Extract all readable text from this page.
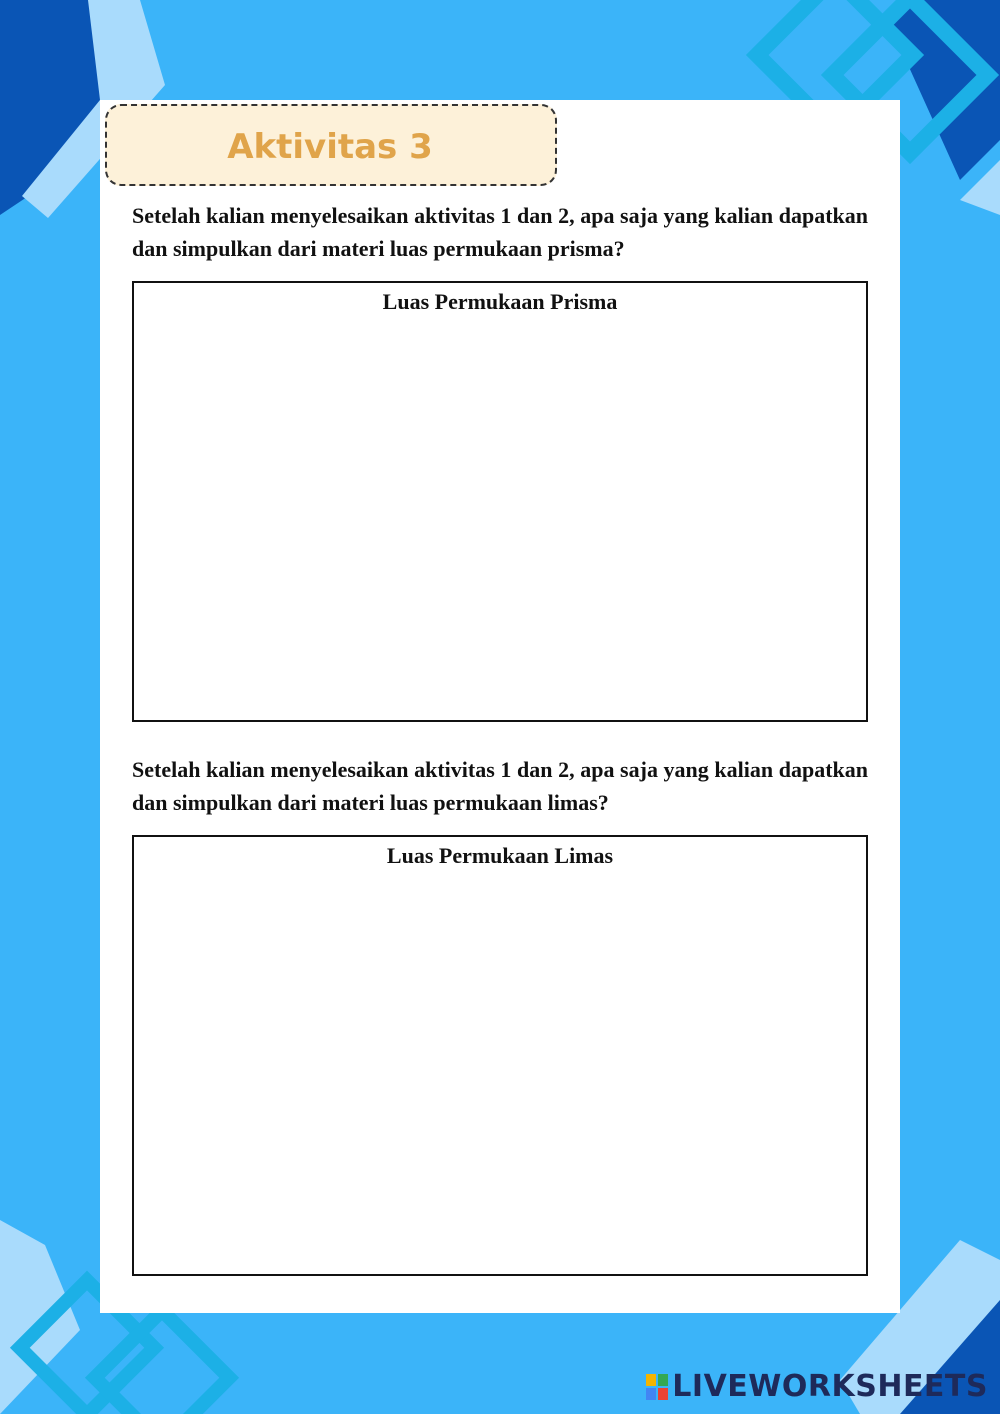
Aktivitas 3
Setelah kalian menyelesaikan aktivitas 1 dan 2, apa saja yang kalian dapatkan dan simpulkan dari materi luas permukaan prisma?
Luas Permukaan Prisma
Setelah kalian menyelesaikan aktivitas 1 dan 2, apa saja yang kalian dapatkan dan simpulkan dari materi luas permukaan limas?
Luas Permukaan Limas
LIVEWORKSHEETS
